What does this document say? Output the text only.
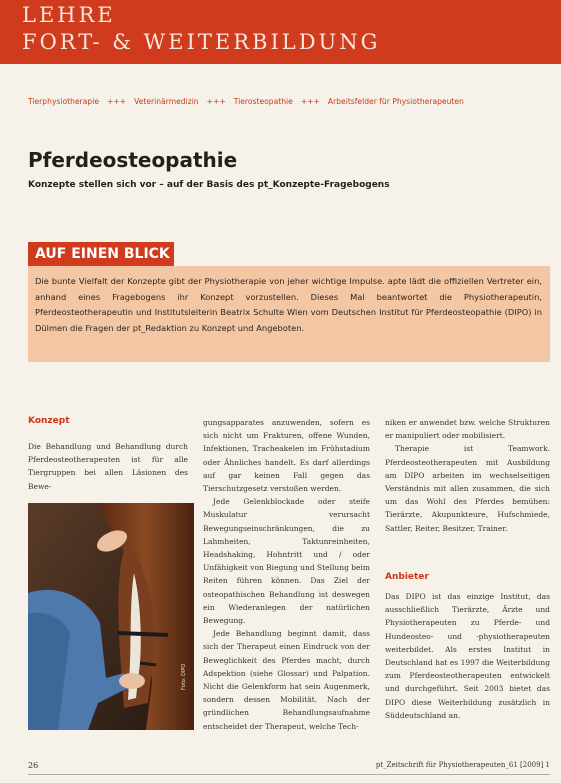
LEHRE
FORT- & WEITERBILDUNG
Tierphysiotherapie +++ Veterinärmedizin +++ Tierosteopathie +++ Arbeitsfelder für Physiotherapeuten
Pferdeosteopathie
Konzepte stellen sich vor – auf der Basis des pt_Konzepte-Fragebogens
AUF EINEN BLICK

Die bunte Vielfalt der Konzepte gibt der Physiotherapie von jeher wichtige Impulse. apte lädt die offiziellen Vertreter ein, anhand eines Fragebogens ihr Konzept vorzustellen. Dieses Mal beantwortet die Physiotherapeutin, Pferdeosteotherapeutin und Institutsleiterin Beatrix Schulte Wien vom Deutschen Institut für Pferdeosteopathie (DIPO) in Dülmen die Fragen der pt_Redaktion zu Konzept und Angeboten.

Konzept

Die Behandlung und Behandlung durch Pferdeosteotherapeuten ist für alle Tiergruppen bei allen Läsionen des Bewe-

Foto: DIPO

gungsapparates anzuwenden, sofern es sich nicht um Frakturen, offene Wunden, Infektionen, Tracheakelen im Frühstadium oder Ähnliches handelt. Es darf allerdings auf gar keinen Fall gegen das Tierschutzgesetz verstoßen werden.

Jede Gelenkblockade oder steife Muskulatur verursacht Bewegungseinschränkungen, die zu Lahmheiten, Taktunreinheiten, Headshaking, Hohntritt und / oder Unfähigkeit von Biegung und Stellung beim Reiten führen können. Das Ziel der osteopathischen Behandlung ist deswegen ein Wiederanlegen der natürlichen Bewegung.

Jede Behandlung beginnt damit, dass sich der Therapeut einen Eindruck von der Beweglichkeit des Pferdes macht, durch Adspektion (siehe Glossar) und Palpation. Nicht die Gelenkform hat sein Augenmerk, sondern dessen Mobilität. Nach der gründlichen Behandlungsaufnahme entscheidet der Therapeut, welche Tech-

niken er anwendet bzw. welche Strukturen er manipuliert oder mobilisiert.

Therapie ist Teamwork. Pferdeosteotherapeuten mit Ausbildung am DIPO arbeiten im wechselseitigen Verständnis mit allen zusammen, die sich um das Wohl des Pferdes bemühen: Tierärzte, Akupunkteure, Hufschmiede, Sattler, Reiter, Besitzer, Trainer.

Anbieter

Das DIPO ist das einzige Institut, das ausschließlich Tierärzte, Ärzte und Physiotherapeuten zu Pferde- und Hundeosteo- und -physiotherapeuten weiterbildet. Als erstes Institut in Deutschland hat es 1997 die Weiterbildung zum Pferdeosteotherapeuten entwickelt und durchgeführt. Seit 2003 bietet das DIPO diese Weiterbildung zusätzlich in Süddeutschland an.

26	pt_Zeitschrift für Physiotherapeuten_61 [2009] 1
